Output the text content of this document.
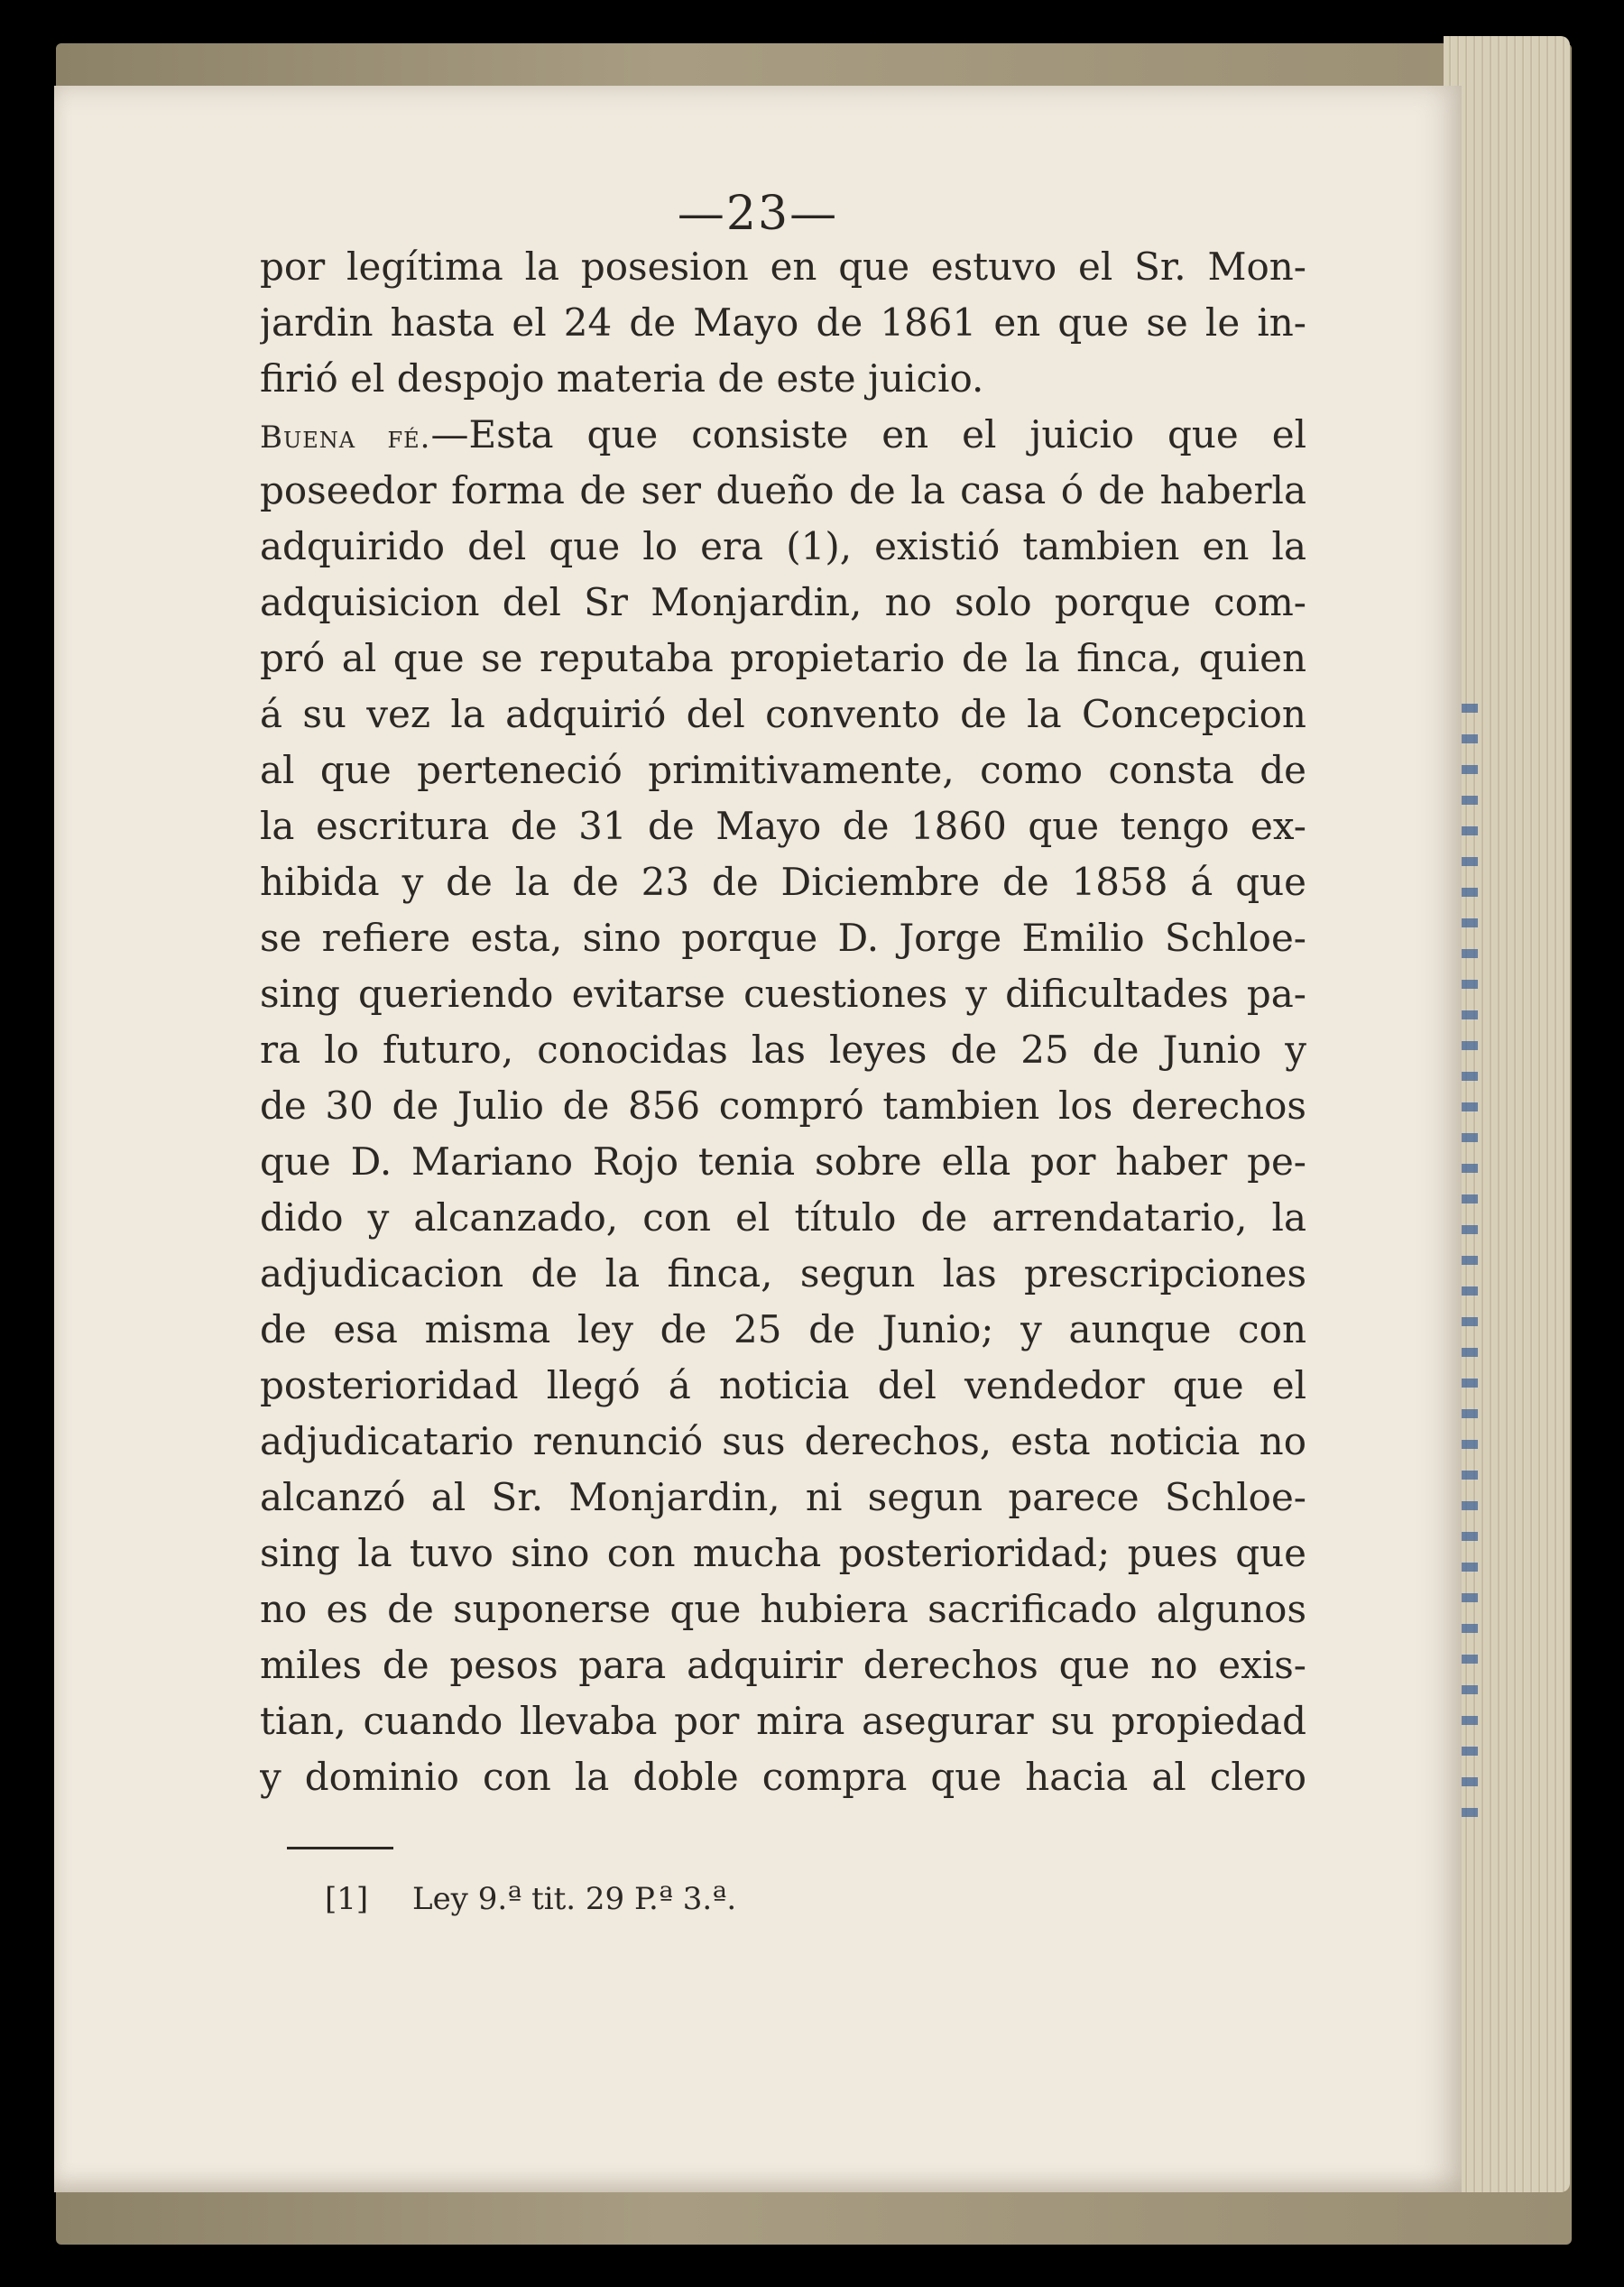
—23—
por legítima la posesion en que estuvo el Sr. Mon-
jardin hasta el 24 de Mayo de 1861 en que se le in-
firió el despojo materia de este juicio.
Buena fé.—Esta que consiste en el juicio que el
poseedor forma de ser dueño de la casa ó de haberla
adquirido del que lo era (1), existió tambien en la
adquisicion del Sr Monjardin, no solo porque com-
pró al que se reputaba propietario de la finca, quien
á su vez la adquirió del convento de la Concepcion
al que perteneció primitivamente, como consta de
la escritura de 31 de Mayo de 1860 que tengo ex-
hibida y de la de 23 de Diciembre de 1858 á que
se refiere esta, sino porque D. Jorge Emilio Schloe-
sing queriendo evitarse cuestiones y dificultades pa-
ra lo futuro, conocidas las leyes de 25 de Junio y
de 30 de Julio de 856 compró tambien los derechos
que D. Mariano Rojo tenia sobre ella por haber pe-
dido y alcanzado, con el título de arrendatario, la
adjudicacion de la finca, segun las prescripciones
de esa misma ley de 25 de Junio; y aunque con
posterioridad llegó á noticia del vendedor que el
adjudicatario renunció sus derechos, esta noticia no
alcanzó al Sr. Monjardin, ni segun parece Schloe-
sing la tuvo sino con mucha posterioridad; pues que
no es de suponerse que hubiera sacrificado algunos
miles de pesos para adquirir derechos que no exis-
tian, cuando llevaba por mira asegurar su propiedad
y dominio con la doble compra que hacia al clero
[1] Ley 9.ª tit. 29 P.ª 3.ª.
